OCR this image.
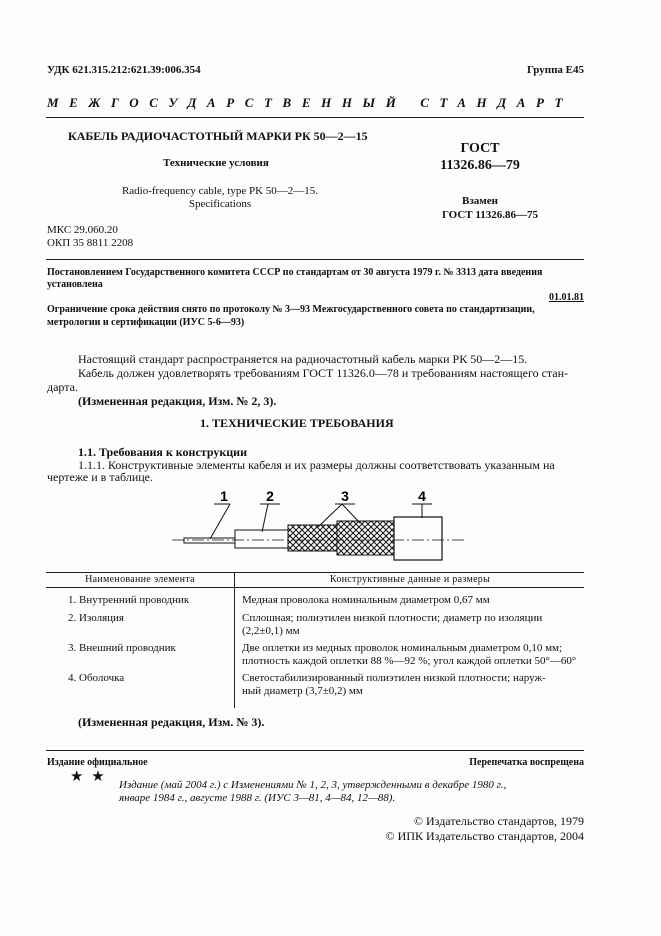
УДК 621.315.212:621.39:006.354	Группа Е45
МЕЖГОСУДАРСТВЕННЫЙ СТАНДАРТ
КАБЕЛЬ РАДИОЧАСТОТНЫЙ МАРКИ РК 50—2—15
Технические условия
Radio-frequency cable, type PK 50—2—15.
Specifications
МКС 29.060.20
ОКП 35 8811 2208
ГОСТ
11326.86—79
Взамен
ГОСТ 11326.86—75
Постановлением Государственного комитета СССР по стандартам от 30 августа 1979 г. № 3313 дата введения
установлена
01.01.81
Ограничение срока действия снято по протоколу № 3—93 Межгосударственного совета по стандартизации,
метрологии и сертификации (ИУС 5-6—93)
Настоящий стандарт распространяется на радиочастотный кабель марки РК 50—2—15.
Кабель должен удовлетворять требованиям ГОСТ 11326.0—78 и требованиям настоящего стан-
дарта.
(Измененная редакция, Изм. № 2, 3).
1. ТЕХНИЧЕСКИЕ ТРЕБОВАНИЯ
1.1. Требования к конструкции
1.1.1. Конструктивные элементы кабеля и их размеры должны соответствовать указанным на
чертеже и в таблице.
1	2	3	4
Наименование элемента	Конструктивные данные и размеры
1. Внутренний проводник	Медная проволока номинальным диаметром 0,67 мм
2. Изоляция	Сплошная; полиэтилен низкой плотности; диаметр по изоляции
(2,2±0,1) мм
3. Внешний проводник	Две оплетки из медных проволок номинальным диаметром 0,10 мм;
плотность каждой оплетки 88 %—92 %; угол каждой оплетки 50°—60°
4. Оболочка	Светостабилизированный полиэтилен низкой плотности; наруж-
ный диаметр (3,7±0,2) мм
(Измененная редакция, Изм. № 3).
Издание официальное	Перепечатка воспрещена
★ ★ Издание (май 2004 г.) с Изменениями № 1, 2, 3, утвержденными в декабре 1980 г.,
январе 1984 г., августе 1988 г. (ИУС 3—81, 4—84, 12—88).
© Издательство стандартов, 1979
© ИПК Издательство стандартов, 2004
